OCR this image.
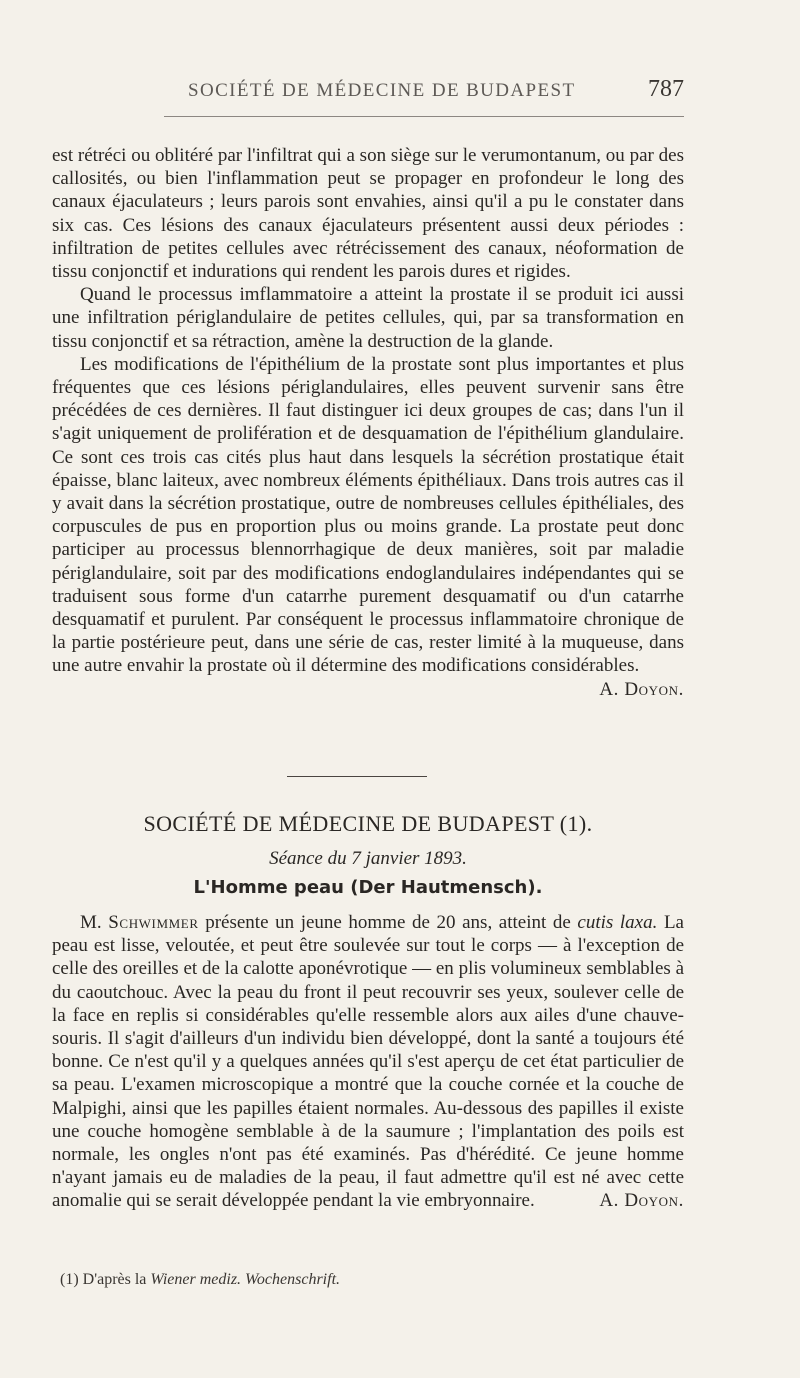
SOCIÉTÉ DE MÉDECINE DE BUDAPEST	787

est rétréci ou oblitéré par l'infiltrat qui a son siège sur le verumontanum, ou par des callosités, ou bien l'inflammation peut se propager en profondeur le long des canaux éjaculateurs ; leurs parois sont envahies, ainsi qu'il a pu le constater dans six cas. Ces lésions des canaux éjaculateurs présentent aussi deux périodes : infiltration de petites cellules avec rétrécissement des canaux, néoformation de tissu conjonctif et indurations qui rendent les parois dures et rigides.

Quand le processus imflammatoire a atteint la prostate il se produit ici aussi une infiltration périglandulaire de petites cellules, qui, par sa transformation en tissu conjonctif et sa rétraction, amène la destruction de la glande.

Les modifications de l'épithélium de la prostate sont plus importantes et plus fréquentes que ces lésions périglandulaires, elles peuvent survenir sans être précédées de ces dernières. Il faut distinguer ici deux groupes de cas; dans l'un il s'agit uniquement de prolifération et de desquamation de l'épithélium glandulaire. Ce sont ces trois cas cités plus haut dans lesquels la sécrétion prostatique était épaisse, blanc laiteux, avec nombreux éléments épithéliaux. Dans trois autres cas il y avait dans la sécrétion prostatique, outre de nombreuses cellules épithéliales, des corpuscules de pus en proportion plus ou moins grande. La prostate peut donc participer au processus blennorrhagique de deux manières, soit par maladie périglandulaire, soit par des modifications endoglandulaires indépendantes qui se traduisent sous forme d'un catarrhe purement desquamatif ou d'un catarrhe desquamatif et purulent. Par conséquent le processus inflammatoire chronique de la partie postérieure peut, dans une série de cas, rester limité à la muqueuse, dans une autre envahir la prostate où il détermine des modifications considérables.
A. Doyon.

SOCIÉTÉ DE MÉDECINE DE BUDAPEST (1).
Séance du 7 janvier 1893.
L'Homme peau (Der Hautmensch).

M. Schwimmer présente un jeune homme de 20 ans, atteint de cutis laxa. La peau est lisse, veloutée, et peut être soulevée sur tout le corps — à l'exception de celle des oreilles et de la calotte aponévrotique — en plis volumineux semblables à du caoutchouc. Avec la peau du front il peut recouvrir ses yeux, soulever celle de la face en replis si considérables qu'elle ressemble alors aux ailes d'une chauve-souris. Il s'agit d'ailleurs d'un individu bien développé, dont la santé a toujours été bonne. Ce n'est qu'il y a quelques années qu'il s'est aperçu de cet état particulier de sa peau. L'examen microscopique a montré que la couche cornée et la couche de Malpighi, ainsi que les papilles étaient normales. Au-dessous des papilles il existe une couche homogène semblable à de la saumure ; l'implantation des poils est normale, les ongles n'ont pas été examinés. Pas d'hérédité. Ce jeune homme n'ayant jamais eu de maladies de la peau, il faut admettre qu'il est né avec cette anomalie qui se serait développée pendant la vie embryonnaire.	A. Doyon.

(1) D'après la Wiener mediz. Wochenschrift.
